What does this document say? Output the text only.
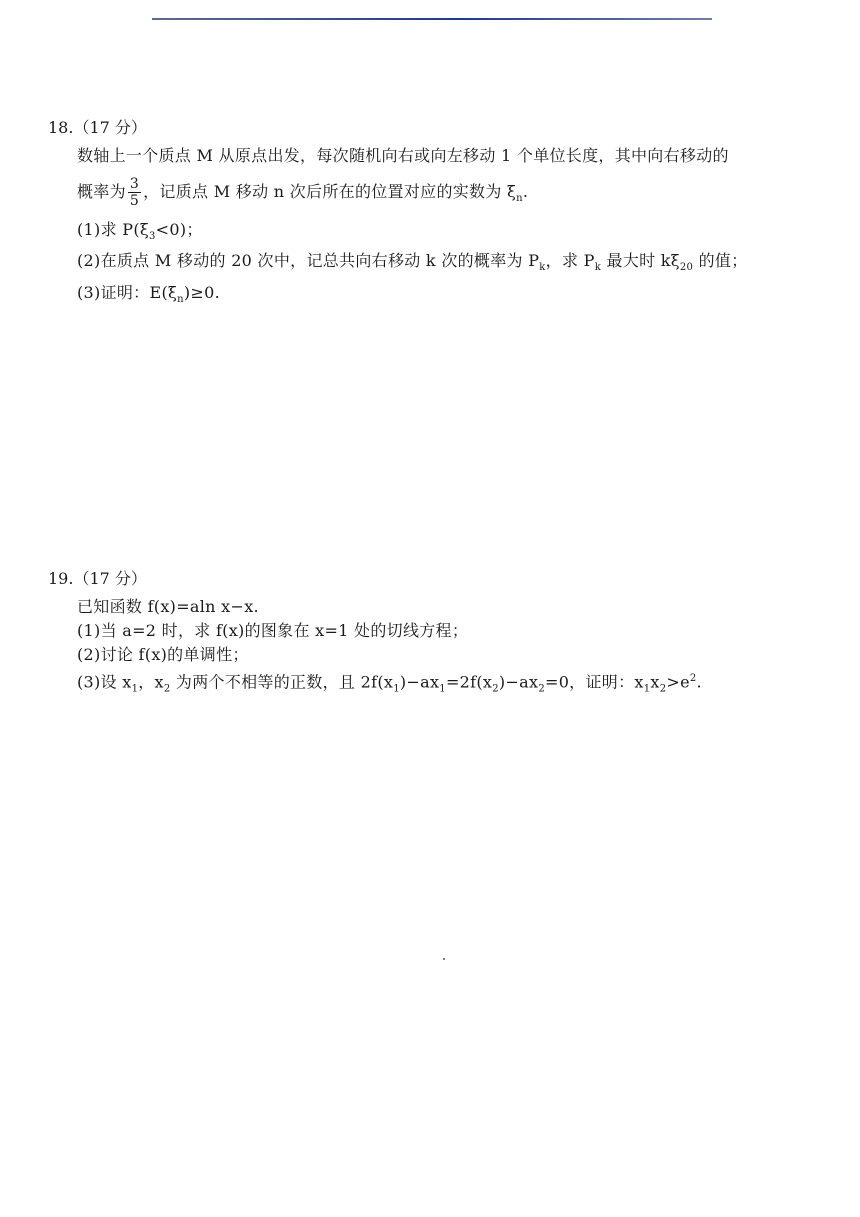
18.（17 分）
数轴上一个质点 M 从原点出发，每次随机向右或向左移动 1 个单位长度，其中向右移动的
概率为 $\frac{3}{5}$ ，记质点 M 移动 n 次后所在的位置对应的实数为 $\xi_n$.
(1)求 $P(\xi_3<0)$；
(2)在质点 M 移动的 20 次中，记总共向右移动 k 次的概率为 $P_k$，求 $P_k$ 最大时 $k\xi_{20}$ 的值；
(3)证明：$E(\xi_n)\ge 0$.
19.（17 分）
已知函数 f(x)=aln x−x.
(1)当 a=2 时，求 f(x)的图象在 x=1 处的切线方程；
(2)讨论 f(x)的单调性；
(3)设 $x_1$，$x_2$ 为两个不相等的正数，且 $2f(x_1)-ax_1=2f(x_2)-ax_2=0$，证明：$x_1x_2>e^2$.
